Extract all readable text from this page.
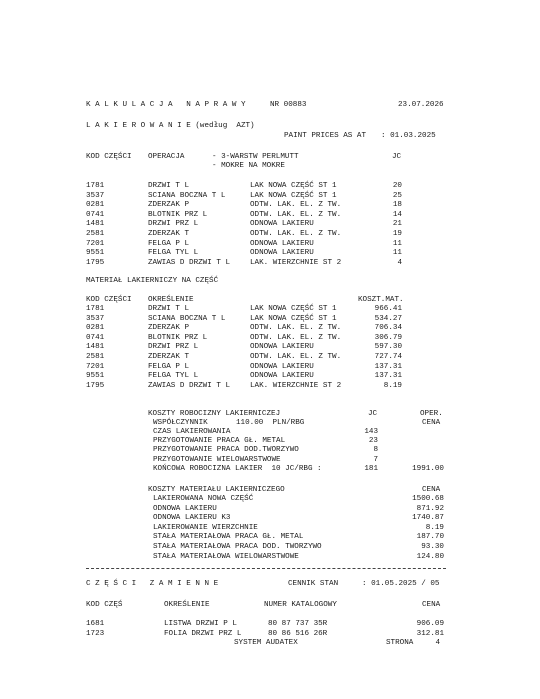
K A L K U L A C J A   N A P R A W Y	NR 00883	23.07.2026
L A K I E R O W A N I E (według  AZT)
PAINT PRICES AS AT : 01.03.2025
KOD CZĘŚCI OPERACJA	- 3-WARSTW PERLMUTT
- MOKRE NA MOKRE
JC
1781	DRZWI T L	LAK NOWA CZĘŚĆ ST 1	20
3537	SCIANA BOCZNA T L	LAK NOWA CZĘŚĆ ST 1	25
0281	ZDERZAK P	ODTW. LAK. EL. Z TW.	18
0741	BLOTNIK PRZ L	ODTW. LAK. EL. Z TW.	14
1481	DRZWI PRZ L	ODNOWA LAKIERU	21
2581	ZDERZAK T	ODTW. LAK. EL. Z TW.	19
7201	FELGA P L	ODNOWA LAKIERU	11
9551	FELGA TYL L	ODNOWA LAKIERU	11
1795	ZAWIAS D DRZWI T L	LAK. WIERZCHNIE ST 2	4
MATERIAŁ LAKIERNICZY NA CZĘŚĆ
KOD CZĘŚCI OKREŚLENIE	KOSZT.MAT.
1781	DRZWI T L	LAK NOWA CZĘŚĆ ST 1	966.41
3537	SCIANA BOCZNA T L	LAK NOWA CZĘŚĆ ST 1	534.27
0281	ZDERZAK P	ODTW. LAK. EL. Z TW.	706.34
0741	BLOTNIK PRZ L	ODTW. LAK. EL. Z TW.	306.79
1481	DRZWI PRZ L	ODNOWA LAKIERU	597.30
2581	ZDERZAK T	ODTW. LAK. EL. Z TW.	727.74
7201	FELGA P L	ODNOWA LAKIERU	137.31
9551	FELGA TYL L	ODNOWA LAKIERU	137.31
1795	ZAWIAS D DRZWI T L	LAK. WIERZCHNIE ST 2	8.19
KOSZTY ROBOCIZNY LAKIERNICZEJ	JC	OPER.
CENA
WSPÓŁCZYNNIK	110.00  PLN/RBG
CZAS LAKIEROWANIA	143
PRZYGOTOWANIE PRACA GŁ. METAL	23
PRZYGOTOWANIE PRACA DOD.TWORZYWO	8
PRZYGOTOWANIE WIELOWARSTWOWE	7
KOŃCOWA ROBOCIZNA LAKIER  10 JC/RBG :	181	1991.00
KOSZTY MATERIAŁU LAKIERNICZEGO	CENA
LAKIEROWANA NOWA CZĘŚĆ	1500.68
ODNOWA LAKIERU	871.92
ODNOWA LAKIERU K3	1740.87
LAKIEROWANIE WIERZCHNIE	8.19
STAŁA MATERIAŁOWA PRACA GŁ. METAL	187.70
STAŁA MATERIAŁOWA PRACA DOD. TWORZYWO	93.30
STAŁA MATERIAŁOWA WIELOWARSTWOWE	124.80
C Z Ę Ś C I   Z A M I E N N E	CENNIK STAN	: 01.05.2025 / 05
KOD CZĘŚ	OKREŚLENIE	NUMER KATALOGOWY	CENA
1681	LISTWA DRZWI P L	80 87 737 35R	906.09
1723	FOLIA DRZWI PRZ L	80 86 516 26R	312.81
SYSTEM AUDATEX	STRONA	4
